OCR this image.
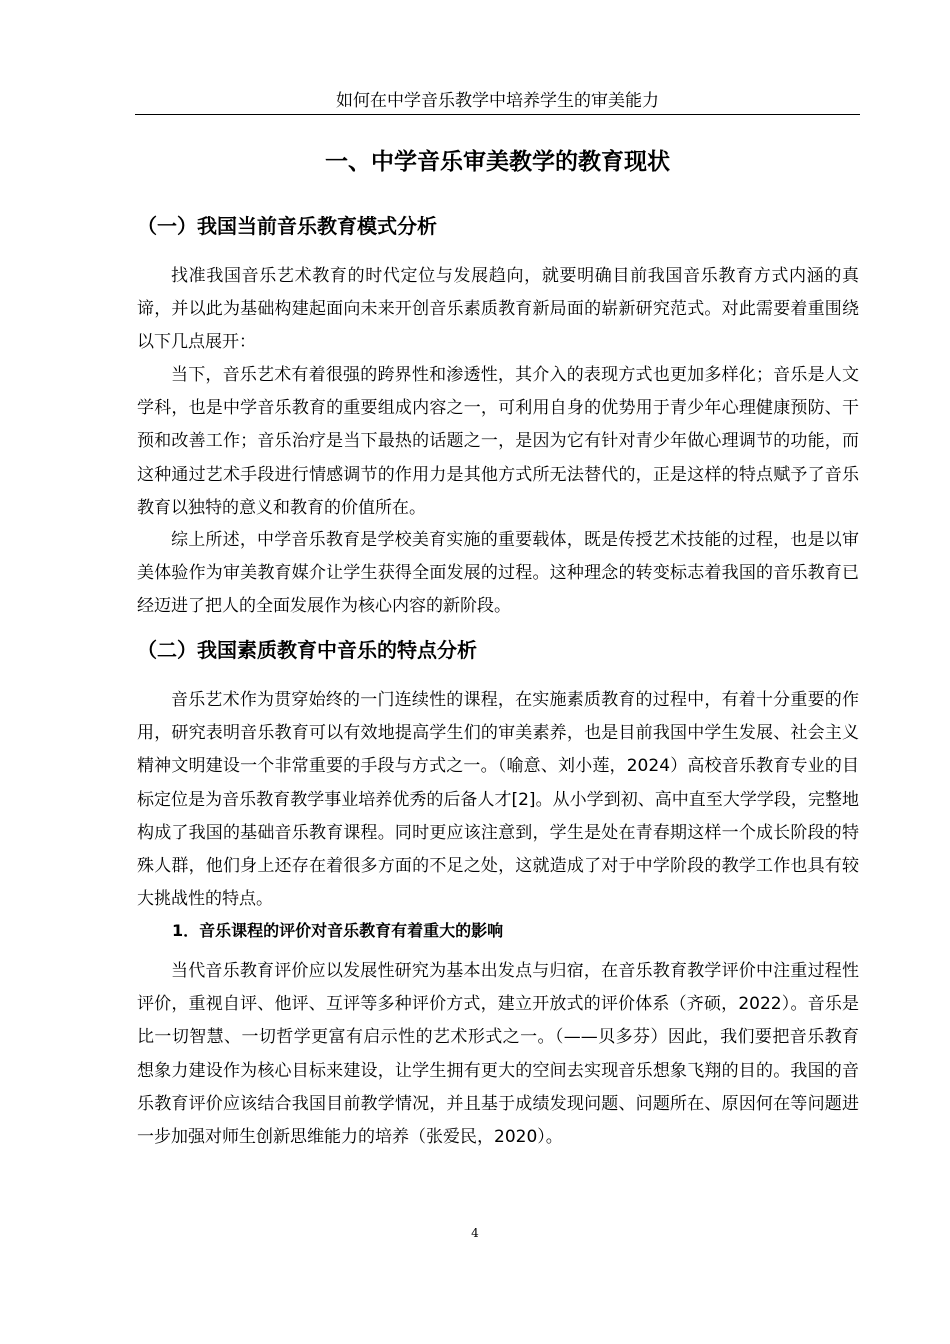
如何在中学音乐教学中培养学生的审美能力
一、中学音乐审美教学的教育现状
（一）我国当前音乐教育模式分析

找准我国音乐艺术教育的时代定位与发展趋向，就要明确目前我国音乐教育方式内涵的真谛，并以此为基础构建起面向未来开创音乐素质教育新局面的崭新研究范式。对此需要着重围绕以下几点展开：

当下，音乐艺术有着很强的跨界性和渗透性，其介入的表现方式也更加多样化；音乐是人文学科，也是中学音乐教育的重要组成内容之一，可利用自身的优势用于青少年心理健康预防、干预和改善工作；音乐治疗是当下最热的话题之一，是因为它有针对青少年做心理调节的功能，而这种通过艺术手段进行情感调节的作用力是其他方式所无法替代的，正是这样的特点赋予了音乐教育以独特的意义和教育的价值所在。

综上所述，中学音乐教育是学校美育实施的重要载体，既是传授艺术技能的过程，也是以审美体验作为审美教育媒介让学生获得全面发展的过程。这种理念的转变标志着我国的音乐教育已经迈进了把人的全面发展作为核心内容的新阶段。

（二）我国素质教育中音乐的特点分析

音乐艺术作为贯穿始终的一门连续性的课程，在实施素质教育的过程中，有着十分重要的作用，研究表明音乐教育可以有效地提高学生们的审美素养，也是目前我国中学生发展、社会主义精神文明建设一个非常重要的手段与方式之一。（喻意、刘小莲，2024）高校音乐教育专业的目标定位是为音乐教育教学事业培养优秀的后备人才[2]。从小学到初、高中直至大学学段，完整地构成了我国的基础音乐教育课程。同时更应该注意到，学生是处在青春期这样一个成长阶段的特殊人群，他们身上还存在着很多方面的不足之处，这就造成了对于中学阶段的教学工作也具有较大挑战性的特点。

1．音乐课程的评价对音乐教育有着重大的影响

当代音乐教育评价应以发展性研究为基本出发点与归宿，在音乐教育教学评价中注重过程性评价，重视自评、他评、互评等多种评价方式，建立开放式的评价体系（齐硕，2022）。音乐是比一切智慧、一切哲学更富有启示性的艺术形式之一。（——贝多芬）因此，我们要把音乐教育想象力建设作为核心目标来建设，让学生拥有更大的空间去实现音乐想象飞翔的目的。我国的音乐教育评价应该结合我国目前教学情况，并且基于成绩发现问题、问题所在、原因何在等问题进一步加强对师生创新思维能力的培养（张爱民，2020）。

4
